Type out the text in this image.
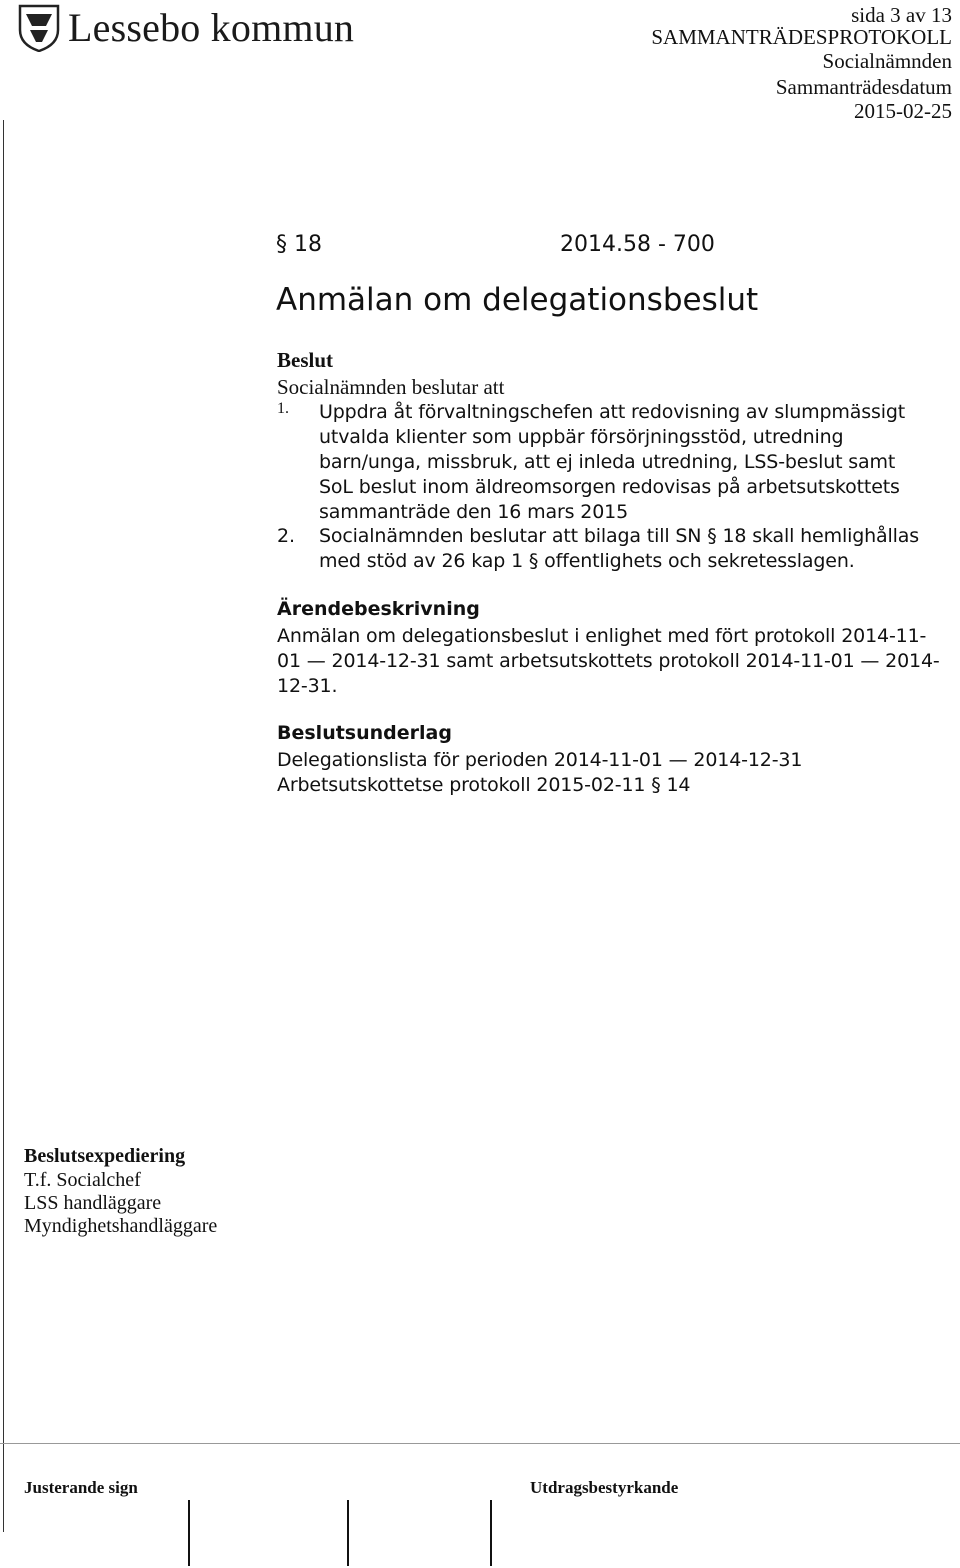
Lessebo kommun	sida 3 av 13
SAMMANTRÄDESPROTOKOLL
Socialnämnden
Sammanträdesdatum
2015-02-25
§ 18	2014.58 - 700
Anmälan om delegationsbeslut
Beslut
Socialnämnden beslutar att
1.	Uppdra åt förvaltningschefen att redovisning av slumpmässigt
utvalda klienter som uppbär försörjningsstöd, utredning
barn/unga, missbruk, att ej inleda utredning, LSS-beslut samt
SoL beslut inom äldreomsorgen redovisas på arbetsutskottets
sammanträde den 16 mars 2015
2.	Socialnämnden beslutar att bilaga till SN § 18 skall hemlighållas
med stöd av 26 kap 1 § offentlighets och sekretesslagen.
Ärendebeskrivning
Anmälan om delegationsbeslut i enlighet med fört protokoll 2014-11-
01 — 2014-12-31 samt arbetsutskottets protokoll 2014-11-01 — 2014-
12-31.
Beslutsunderlag
Delegationslista för perioden 2014-11-01 — 2014-12-31
Arbetsutskottetse protokoll 2015-02-11 § 14
Beslutsexpediering
T.f. Socialchef
LSS handläggare
Myndighetshandläggare
Justerande sign	Utdragsbestyrkande
